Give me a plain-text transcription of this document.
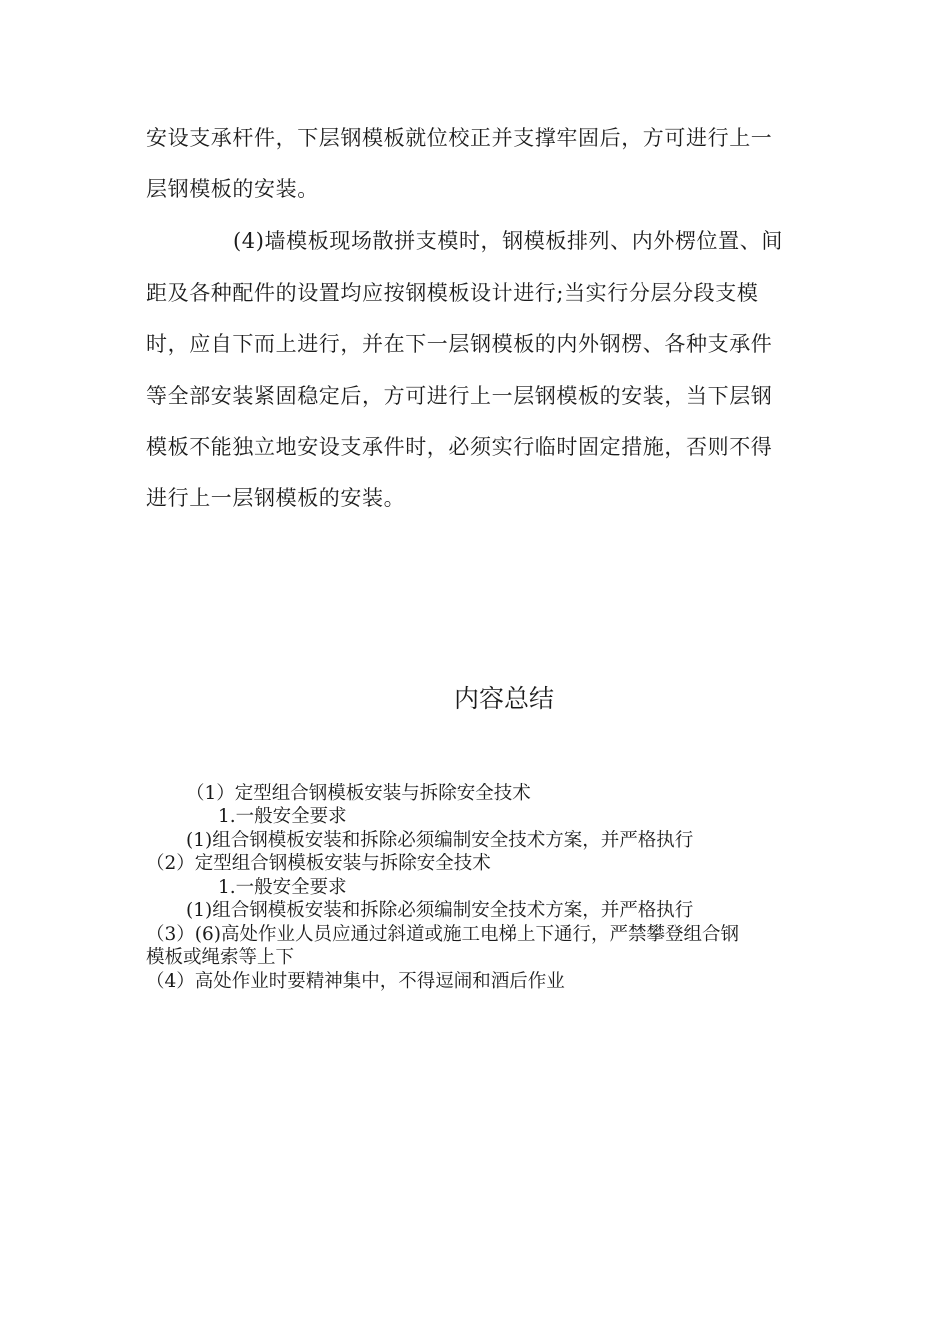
安设支承杆件，下层钢模板就位校正并支撑牢固后，方可进行上一
层钢模板的安装。
(4)墙模板现场散拼支模时，钢模板排列、内外楞位置、间
距及各种配件的设置均应按钢模板设计进行;当实行分层分段支模
时，应自下而上进行，并在下一层钢模板的内外钢楞、各种支承件
等全部安装紧固稳定后，方可进行上一层钢模板的安装，当下层钢
模板不能独立地安设支承件时，必须实行临时固定措施，否则不得
进行上一层钢模板的安装。
内容总结
（1）定型组合钢模板安装与拆除安全技术
1.一般安全要求
(1)组合钢模板安装和拆除必须编制安全技术方案，并严格执行
（2）定型组合钢模板安装与拆除安全技术
1.一般安全要求
(1)组合钢模板安装和拆除必须编制安全技术方案，并严格执行
（3）(6)高处作业人员应通过斜道或施工电梯上下通行，严禁攀登组合钢
模板或绳索等上下
（4）高处作业时要精神集中，不得逗闹和酒后作业
